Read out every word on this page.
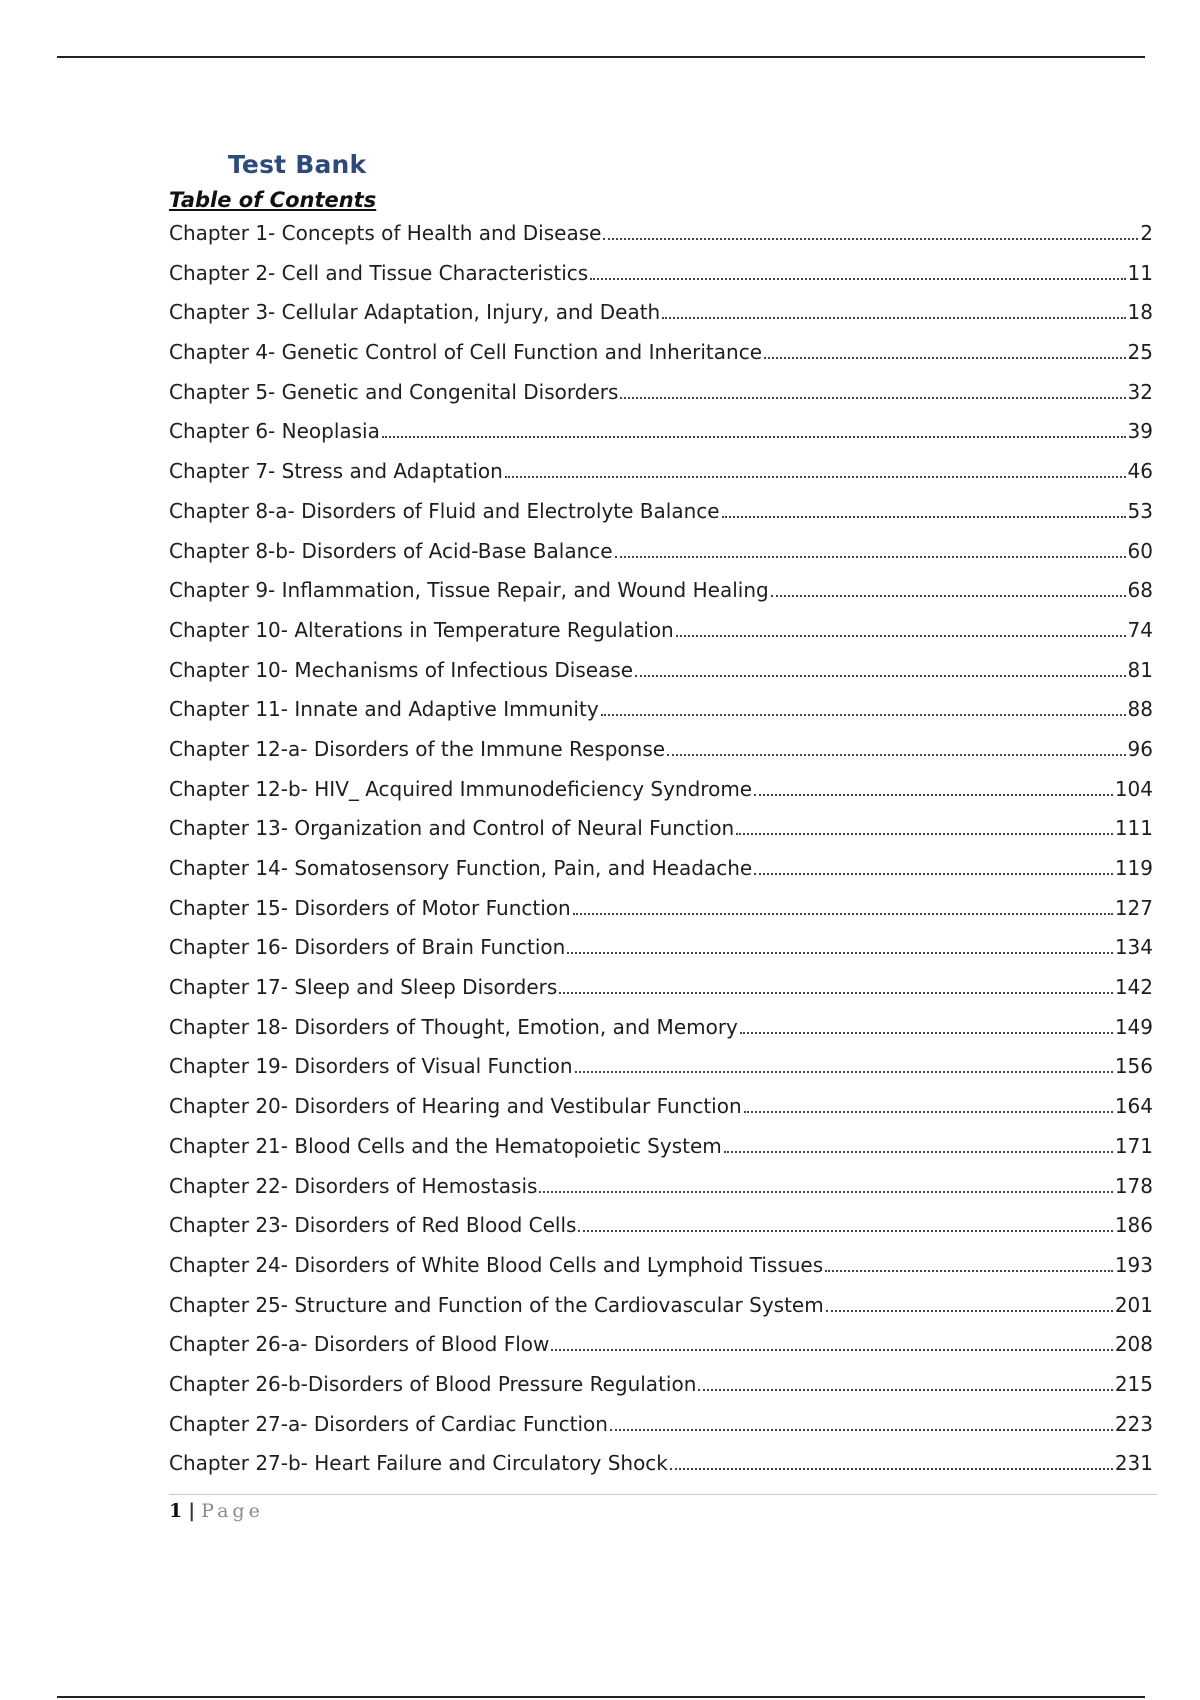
Test Bank
Table of Contents
Chapter 1- Concepts of Health and Disease	2
Chapter 2- Cell and Tissue Characteristics	11
Chapter 3- Cellular Adaptation, Injury, and Death	18
Chapter 4- Genetic Control of Cell Function and Inheritance	25
Chapter 5- Genetic and Congenital Disorders	32
Chapter 6- Neoplasia	39
Chapter 7- Stress and Adaptation	46
Chapter 8-a- Disorders of Fluid and Electrolyte Balance	53
Chapter 8-b- Disorders of Acid-Base Balance	60
Chapter 9- Inflammation, Tissue Repair, and Wound Healing	68
Chapter 10- Alterations in Temperature Regulation	74
Chapter 10- Mechanisms of Infectious Disease	81
Chapter 11- Innate and Adaptive Immunity	88
Chapter 12-a- Disorders of the Immune Response	96
Chapter 12-b- HIV_ Acquired Immunodeficiency Syndrome	104
Chapter 13- Organization and Control of Neural Function	111
Chapter 14- Somatosensory Function, Pain, and Headache	119
Chapter 15- Disorders of Motor Function	127
Chapter 16- Disorders of Brain Function	134
Chapter 17- Sleep and Sleep Disorders	142
Chapter 18- Disorders of Thought, Emotion, and Memory	149
Chapter 19- Disorders of Visual Function	156
Chapter 20- Disorders of Hearing and Vestibular Function	164
Chapter 21- Blood Cells and the Hematopoietic System	171
Chapter 22- Disorders of Hemostasis	178
Chapter 23- Disorders of Red Blood Cells	186
Chapter 24- Disorders of White Blood Cells and Lymphoid Tissues	193
Chapter 25- Structure and Function of the Cardiovascular System	201
Chapter 26-a- Disorders of Blood Flow	208
Chapter 26-b-Disorders of Blood Pressure Regulation	215
Chapter 27-a- Disorders of Cardiac Function	223
Chapter 27-b- Heart Failure and Circulatory Shock	231
1 | Page
